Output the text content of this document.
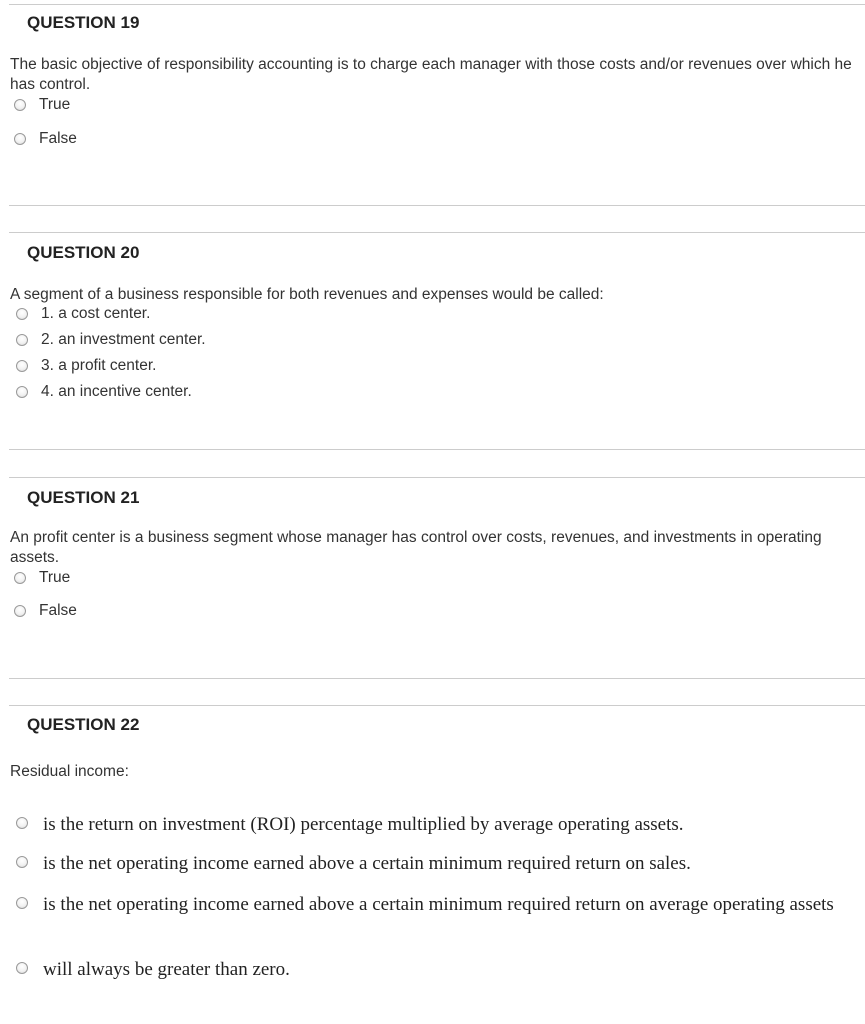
QUESTION 19
The basic objective of responsibility accounting is to charge each manager with those costs and/or revenues over which he has control.
True
False
QUESTION 20
A segment of a business responsible for both revenues and expenses would be called:
1. a cost center.
2. an investment center.
3. a profit center.
4. an incentive center.
QUESTION 21
An profit center is a business segment whose manager has control over costs, revenues, and investments in operating assets.
True
False
QUESTION 22
Residual income:
is the return on investment (ROI) percentage multiplied by average operating assets.
is the net operating income earned above a certain minimum required return on sales.
is the net operating income earned above a certain minimum required return on average operating assets
will always be greater than zero.
